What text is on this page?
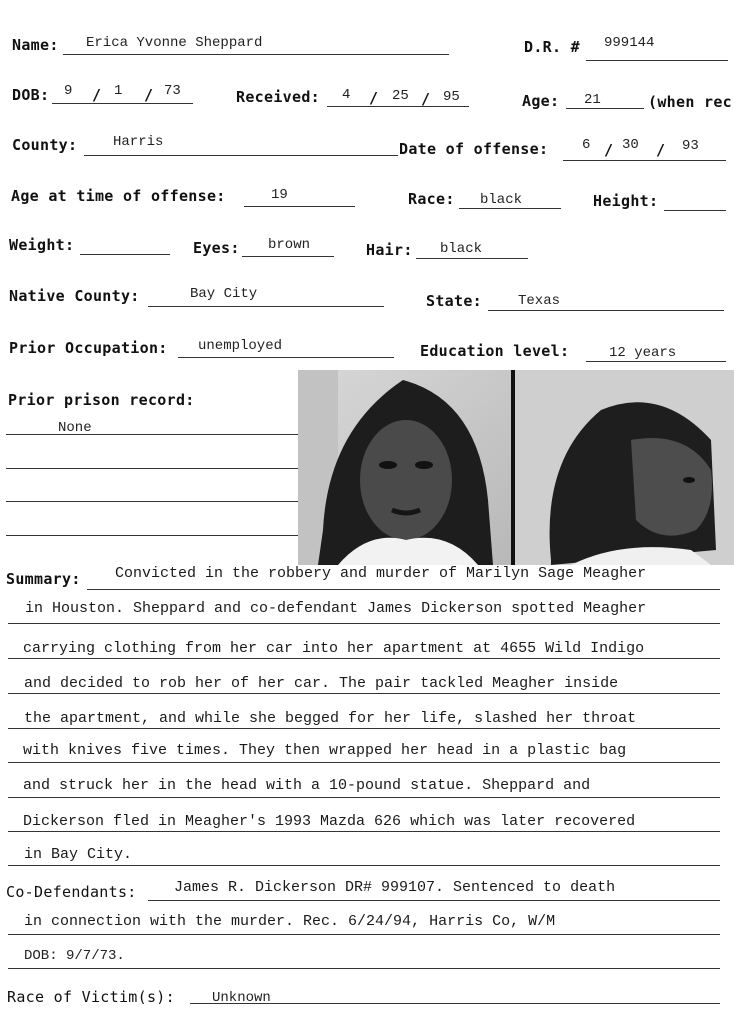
Name: Erica Yvonne Sheppard	D.R. # 999144
DOB: 9 / 1 / 73	Received: 4 / 25 / 95	Age: 21	(when rec
County:	Harris	Date of offense: 6 / 30 / 93
Age at time of offense:	19	Race: black	Height:
Weight:	Eyes: brown	Hair: black
Native County:	Bay City	State:	Texas
Prior Occupation: unemployed	Education level:	12 years
Prior prison record:
None
Summary: Convicted in the robbery and murder of Marilyn Sage Meagher
in Houston. Sheppard and co-defendant James Dickerson spotted Meagher
carrying clothing from her car into her apartment at 4655 Wild Indigo
and decided to rob her of her car. The pair tackled Meagher inside
the apartment, and while she begged for her life, slashed her throat
with knives five times. They then wrapped her head in a plastic bag
and struck her in the head with a 10-pound statue. Sheppard and
Dickerson fled in Meagher's 1993 Mazda 626 which was later recovered
in Bay City.
Co-Defendants: James R. Dickerson DR# 999107. Sentenced to death
in connection with the murder. Rec. 6/24/94, Harris Co, W/M
DOB: 9/7/73.
Race of Victim(s):	Unknown
